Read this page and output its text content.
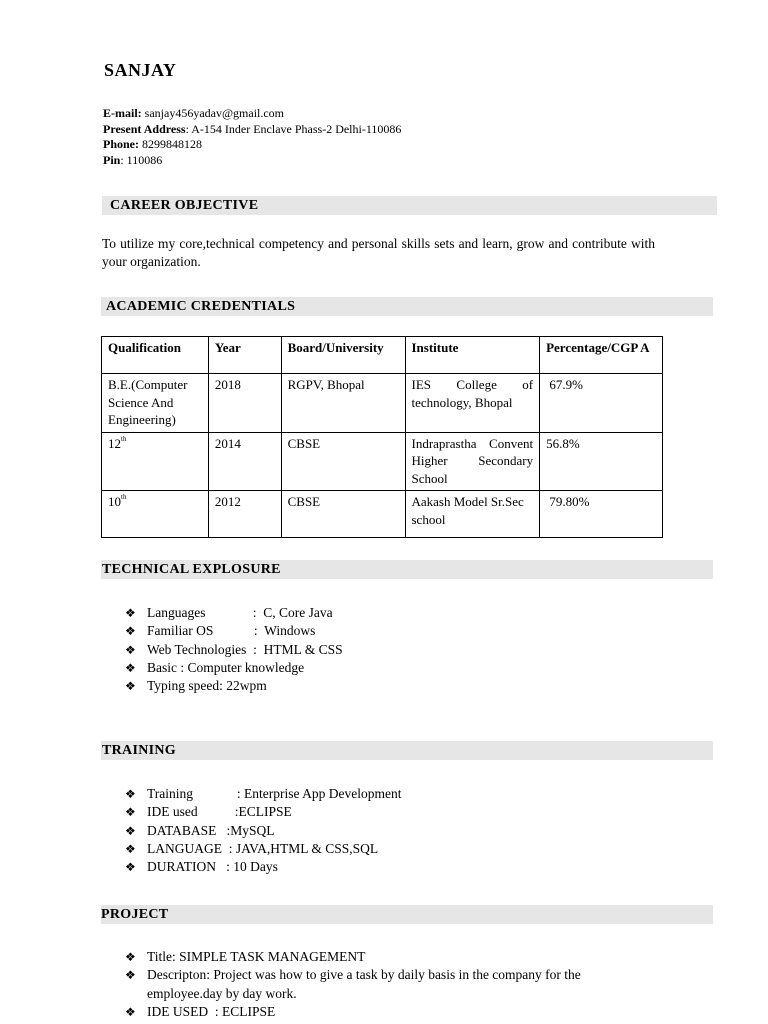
SANJAY
E-mail: sanjay456yadav@gmail.com
Present Address: A-154 Inder Enclave Phass-2 Delhi-110086
Phone: 8299848128
Pin: 110086
CAREER OBJECTIVE
To utilize my core,technical competency and personal skills sets and learn, grow and contribute with your organization.
ACADEMIC CREDENTIALS
Qualification	Year	Board/University	Institute	Percentage/CGP A
B.E.(Computer Science And Engineering)	2018	RGPV, Bhopal	IES College of technology, Bhopal	67.9%
12th	2014	CBSE	Indraprastha Convent Higher Secondary School	56.8%
10th	2012	CBSE	Aakash Model Sr.Sec school	79.80%
TECHNICAL EXPLOSURE
❖ Languages              :  C, Core Java
❖ Familiar OS            :  Windows
❖ Web Technologies  :  HTML & CSS
❖ Basic : Computer knowledge
❖ Typing speed: 22wpm
TRAINING
❖ Training             : Enterprise App Development
❖ IDE used           :ECLIPSE
❖ DATABASE   :MySQL
❖ LANGUAGE  : JAVA,HTML & CSS,SQL
❖ DURATION   : 10 Days
PROJECT
❖ Title: SIMPLE TASK MANAGEMENT
❖ Descripton: Project was how to give a task by daily basis in the company for the employee.day by day work.
❖ IDE USED  : ECLIPSE
